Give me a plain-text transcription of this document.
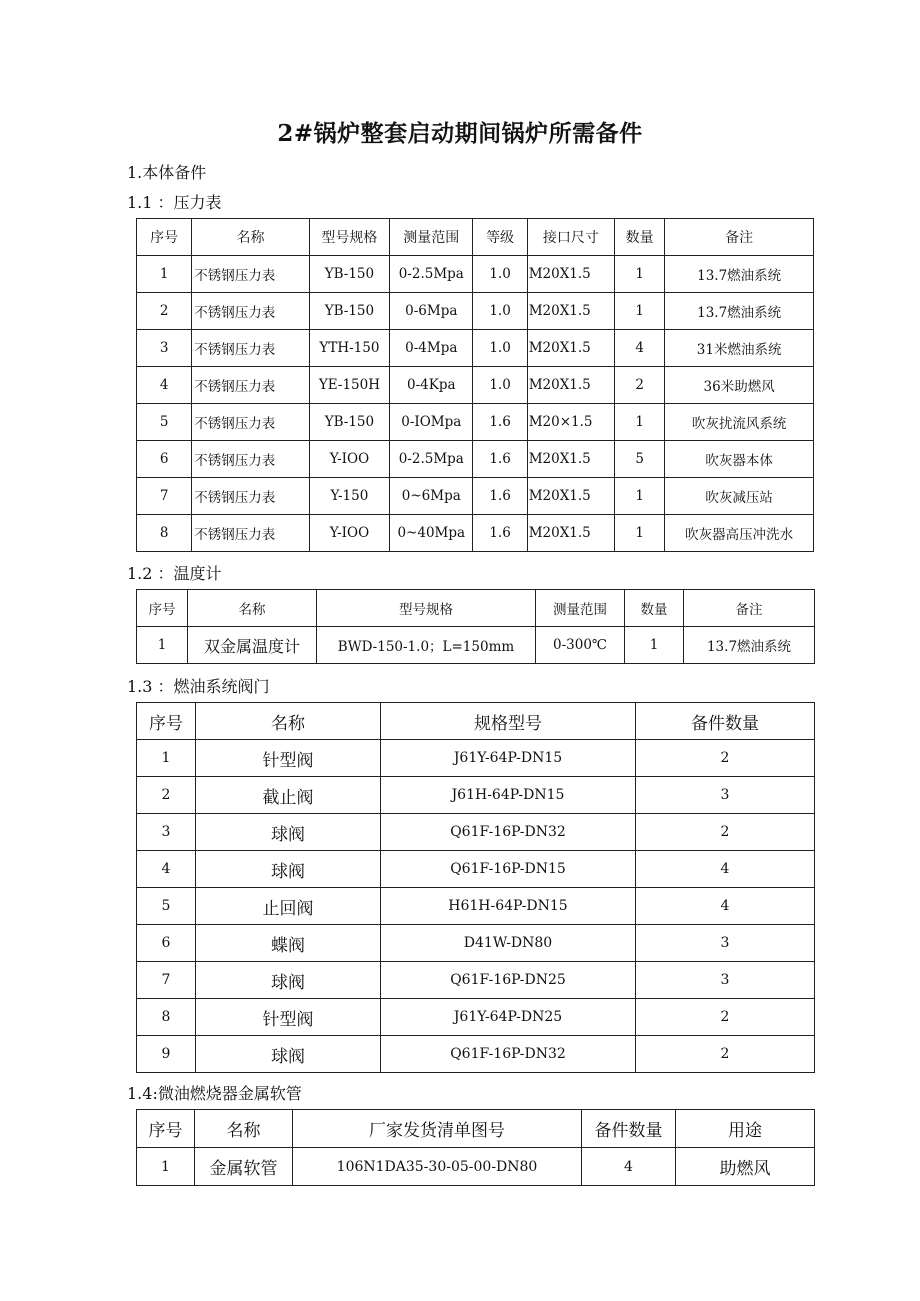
2#锅炉整套启动期间锅炉所需备件
1.本体备件
1.1 ：压力表
序号	名称	型号规格	测量范围	等级	接口尺寸	数量	备注
1	不锈钢压力表	YB-150	0-2.5Mpa	1.0	M20X1.5	1	13.7燃油系统
2	不锈钢压力表	YB-150	0-6Mpa	1.0	M20X1.5	1	13.7燃油系统
3	不锈钢压力表	YTH-150	0-4Mpa	1.0	M20X1.5	4	31米燃油系统
4	不锈钢压力表	YE-150H	0-4Kpa	1.0	M20X1.5	2	36米助燃风
5	不锈钢压力表	YB-150	0-IOMpa	1.6	M20×1.5	1	吹灰扰流风系统
6	不锈钢压力表	Y-IOO	0-2.5Mpa	1.6	M20X1.5	5	吹灰器本体
7	不锈钢压力表	Y-150	0~6Mpa	1.6	M20X1.5	1	吹灰减压站
8	不锈钢压力表	Y-IOO	0~40Mpa	1.6	M20X1.5	1	吹灰器高压冲洗水
1.2 ：温度计
序号	名称	型号规格	测量范围	数量	备注
1	双金属温度计	BWD-150-1.0；L=150mm	0-300℃	1	13.7燃油系统
1.3 ：燃油系统阀门
序号	名称	规格型号	备件数量
1	针型阀	J61Y-64P-DN15	2
2	截止阀	J61H-64P-DN15	3
3	球阀	Q61F-16P-DN32	2
4	球阀	Q61F-16P-DN15	4
5	止回阀	H61H-64P-DN15	4
6	蝶阀	D41W-DN80	3
7	球阀	Q61F-16P-DN25	3
8	针型阀	J61Y-64P-DN25	2
9	球阀	Q61F-16P-DN32	2
1.4:微油燃烧器金属软管
序号	名称	厂家发货清单图号	备件数量	用途
1	金属软管	106N1DΑ35-30-05-00-DN80	4	助燃风
